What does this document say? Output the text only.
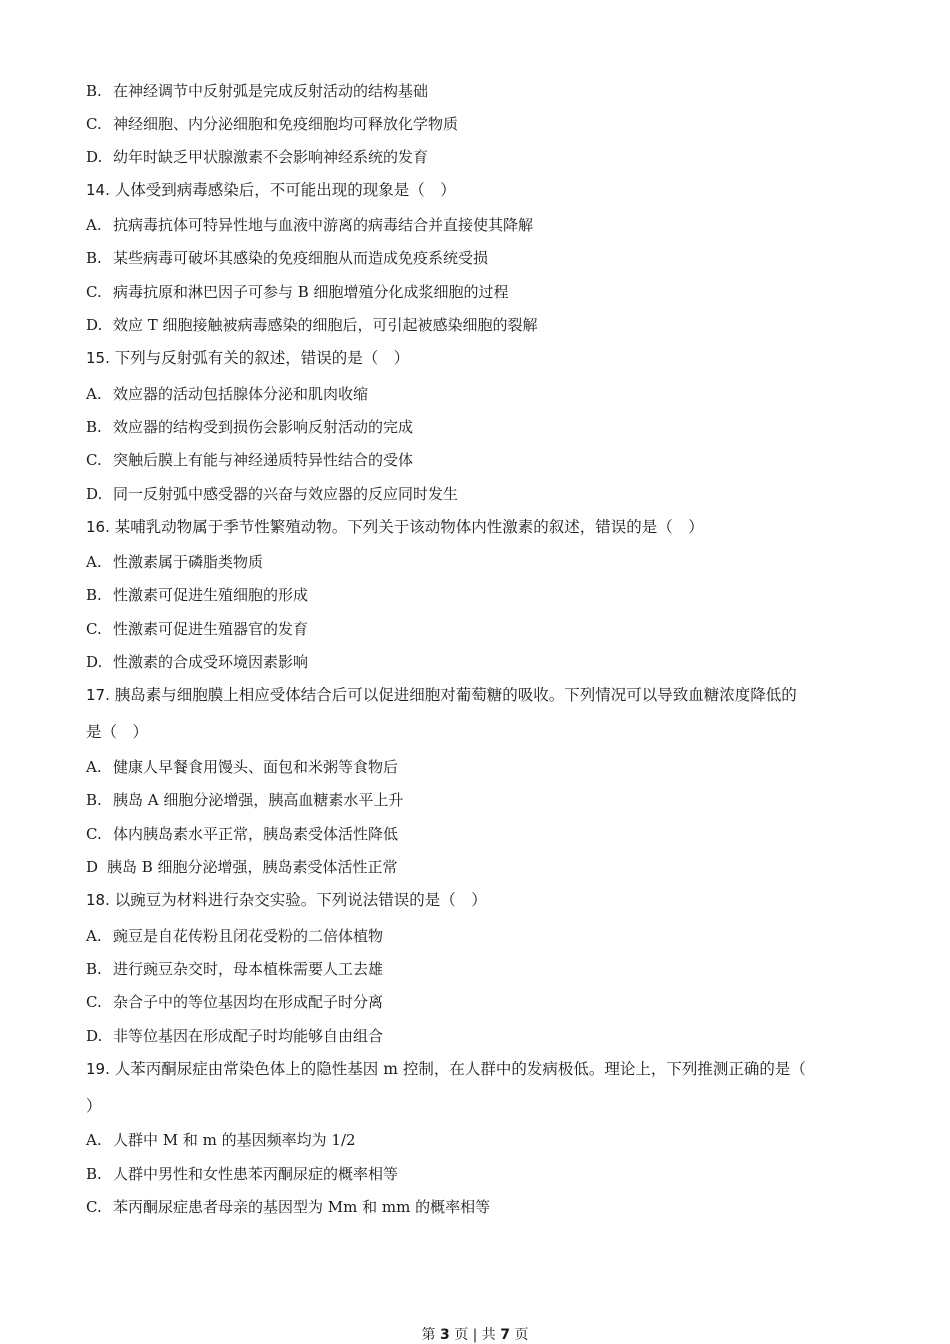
B. 在神经调节中反射弧是完成反射活动的结构基础
C. 神经细胞、内分泌细胞和免疫细胞均可释放化学物质
D. 幼年时缺乏甲状腺激素不会影响神经系统的发育
14. 人体受到病毒感染后，不可能出现的现象是（　）
A. 抗病毒抗体可特异性地与血液中游离的病毒结合并直接使其降解
B. 某些病毒可破坏其感染的免疫细胞从而造成免疫系统受损
C. 病毒抗原和淋巴因子可参与 B 细胞增殖分化成浆细胞的过程
D. 效应 T 细胞接触被病毒感染的细胞后，可引起被感染细胞的裂解
15. 下列与反射弧有关的叙述，错误的是（　）
A. 效应器的活动包括腺体分泌和肌肉收缩
B. 效应器的结构受到损伤会影响反射活动的完成
C. 突触后膜上有能与神经递质特异性结合的受体
D. 同一反射弧中感受器的兴奋与效应器的反应同时发生
16. 某哺乳动物属于季节性繁殖动物。下列关于该动物体内性激素的叙述，错误的是（　）
A. 性激素属于磷脂类物质
B. 性激素可促进生殖细胞的形成
C. 性激素可促进生殖器官的发育
D. 性激素的合成受环境因素影响
17. 胰岛素与细胞膜上相应受体结合后可以促进细胞对葡萄糖的吸收。下列情况可以导致血糖浓度降低的
是（　）
A. 健康人早餐食用馒头、面包和米粥等食物后
B. 胰岛 A 细胞分泌增强，胰高血糖素水平上升
C. 体内胰岛素水平正常，胰岛素受体活性降低
D 胰岛 B 细胞分泌增强，胰岛素受体活性正常
18. 以豌豆为材料进行杂交实验。下列说法错误的是（　）
A. 豌豆是自花传粉且闭花受粉的二倍体植物
B. 进行豌豆杂交时，母本植株需要人工去雄
C. 杂合子中的等位基因均在形成配子时分离
D. 非等位基因在形成配子时均能够自由组合
19. 人苯丙酮尿症由常染色体上的隐性基因 m 控制，在人群中的发病极低。理论上，下列推测正确的是（
）
A. 人群中 M 和 m 的基因频率均为 1/2
B. 人群中男性和女性患苯丙酮尿症的概率相等
C. 苯丙酮尿症患者母亲的基因型为 Mm 和 mm 的概率相等
第 3 页 | 共 7 页
